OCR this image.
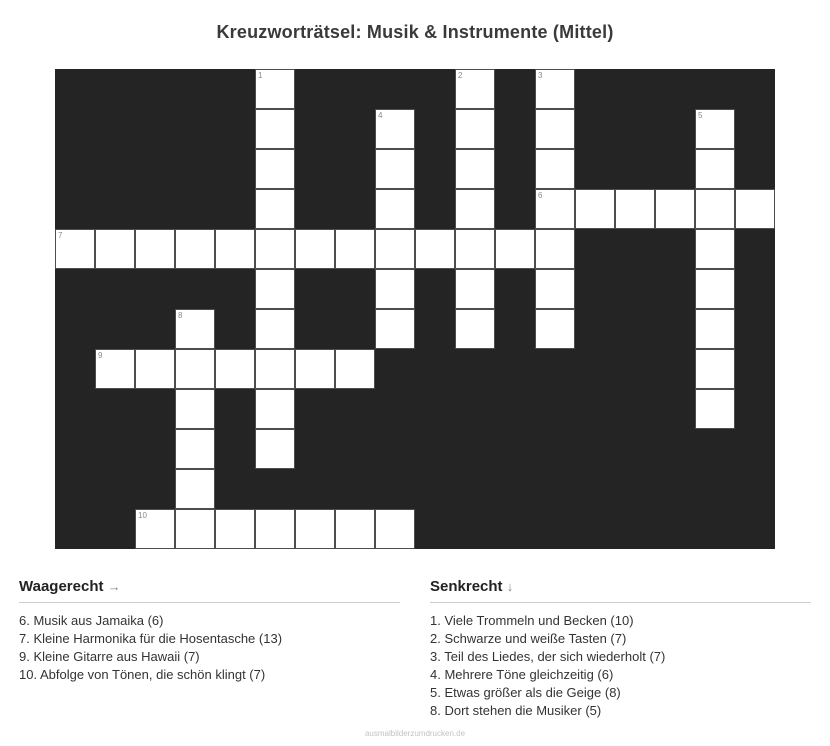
Kreuzworträtsel: Musik & Instrumente (Mittel)
1	2	3
4	5
6
7
8
9
10
Waagerecht →
6. Musik aus Jamaika (6)
7. Kleine Harmonika für die Hosentasche (13)
9. Kleine Gitarre aus Hawaii (7)
10. Abfolge von Tönen, die schön klingt (7)
Senkrecht ↓
1. Viele Trommeln und Becken (10)
2. Schwarze und weiße Tasten (7)
3. Teil des Liedes, der sich wiederholt (7)
4. Mehrere Töne gleichzeitig (6)
5. Etwas größer als die Geige (8)
8. Dort stehen die Musiker (5)
ausmalbilderzumdrucken.de
